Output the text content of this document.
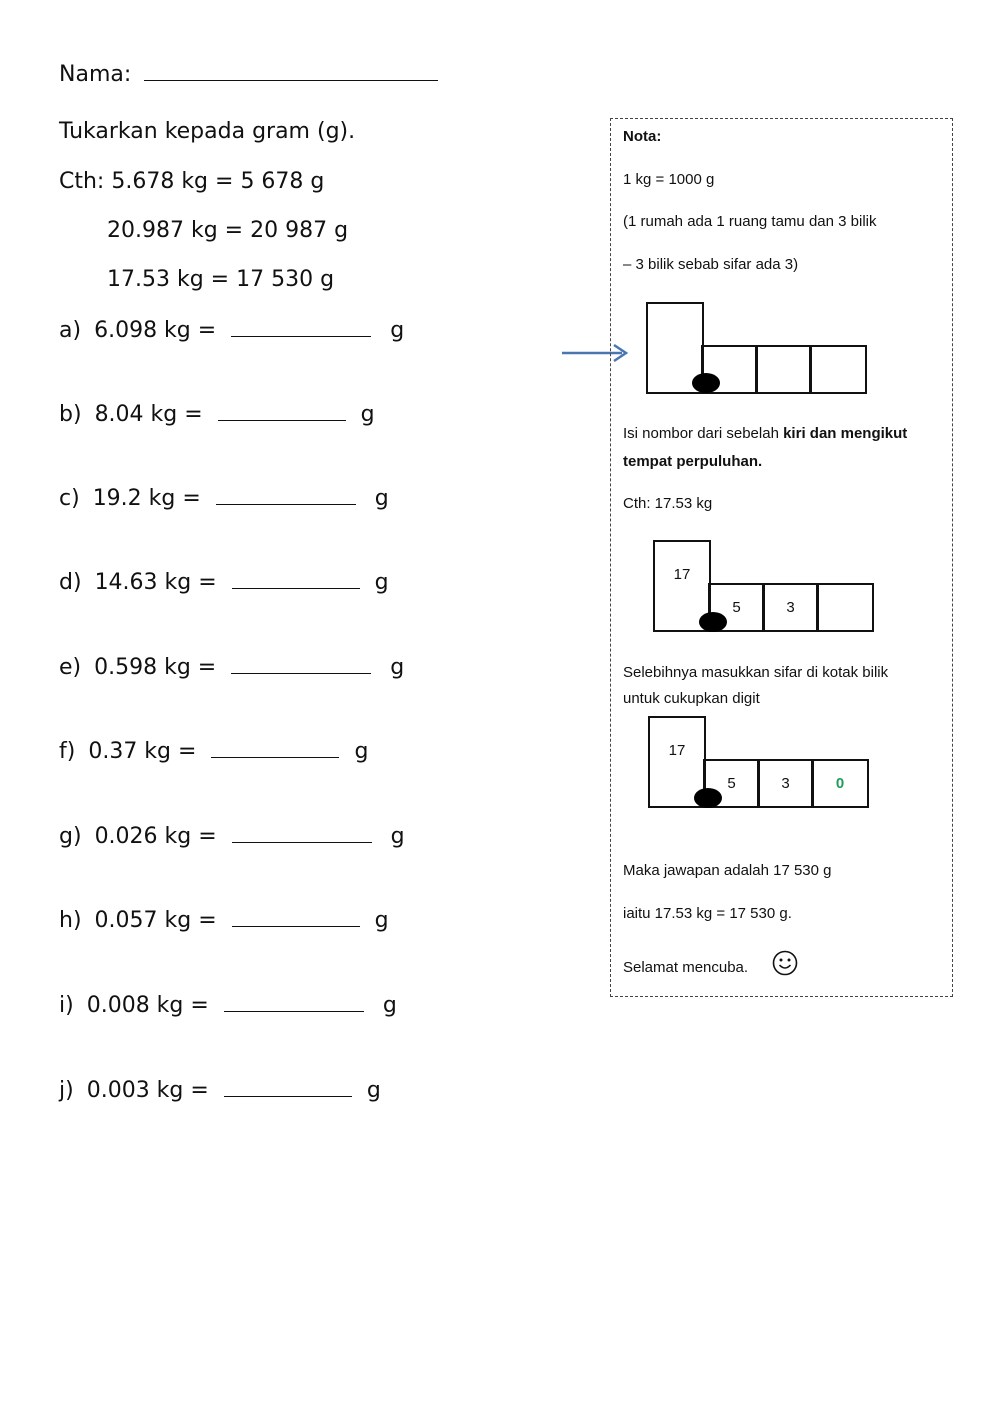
Nama:
Tukarkan kepada gram (g).
Cth: 5.678 kg = 5 678 g
20.987 kg = 20 987 g
17.53 kg = 17 530 g
a) 6.098 kg =	g
b) 8.04 kg =	g
c) 19.2 kg =	g
d) 14.63 kg =	g
e) 0.598 kg =	g
f) 0.37 kg =	g
g) 0.026 kg =	g
h) 0.057 kg =	g
i) 0.008 kg =	g
j) 0.003 kg =	g
Nota:
1 kg = 1000 g
(1 rumah ada 1 ruang tamu dan 3 bilik
– 3 bilik sebab sifar ada 3)
Isi nombor dari sebelah kiri dan mengikut
tempat perpuluhan.
Cth: 17.53 kg
17
5	3
Selebihnya masukkan sifar di kotak bilik
untuk cukupkan digit
17
5	3	0
Maka jawapan adalah 17 530 g
iaitu 17.53 kg = 17 530 g.
Selamat mencuba.
